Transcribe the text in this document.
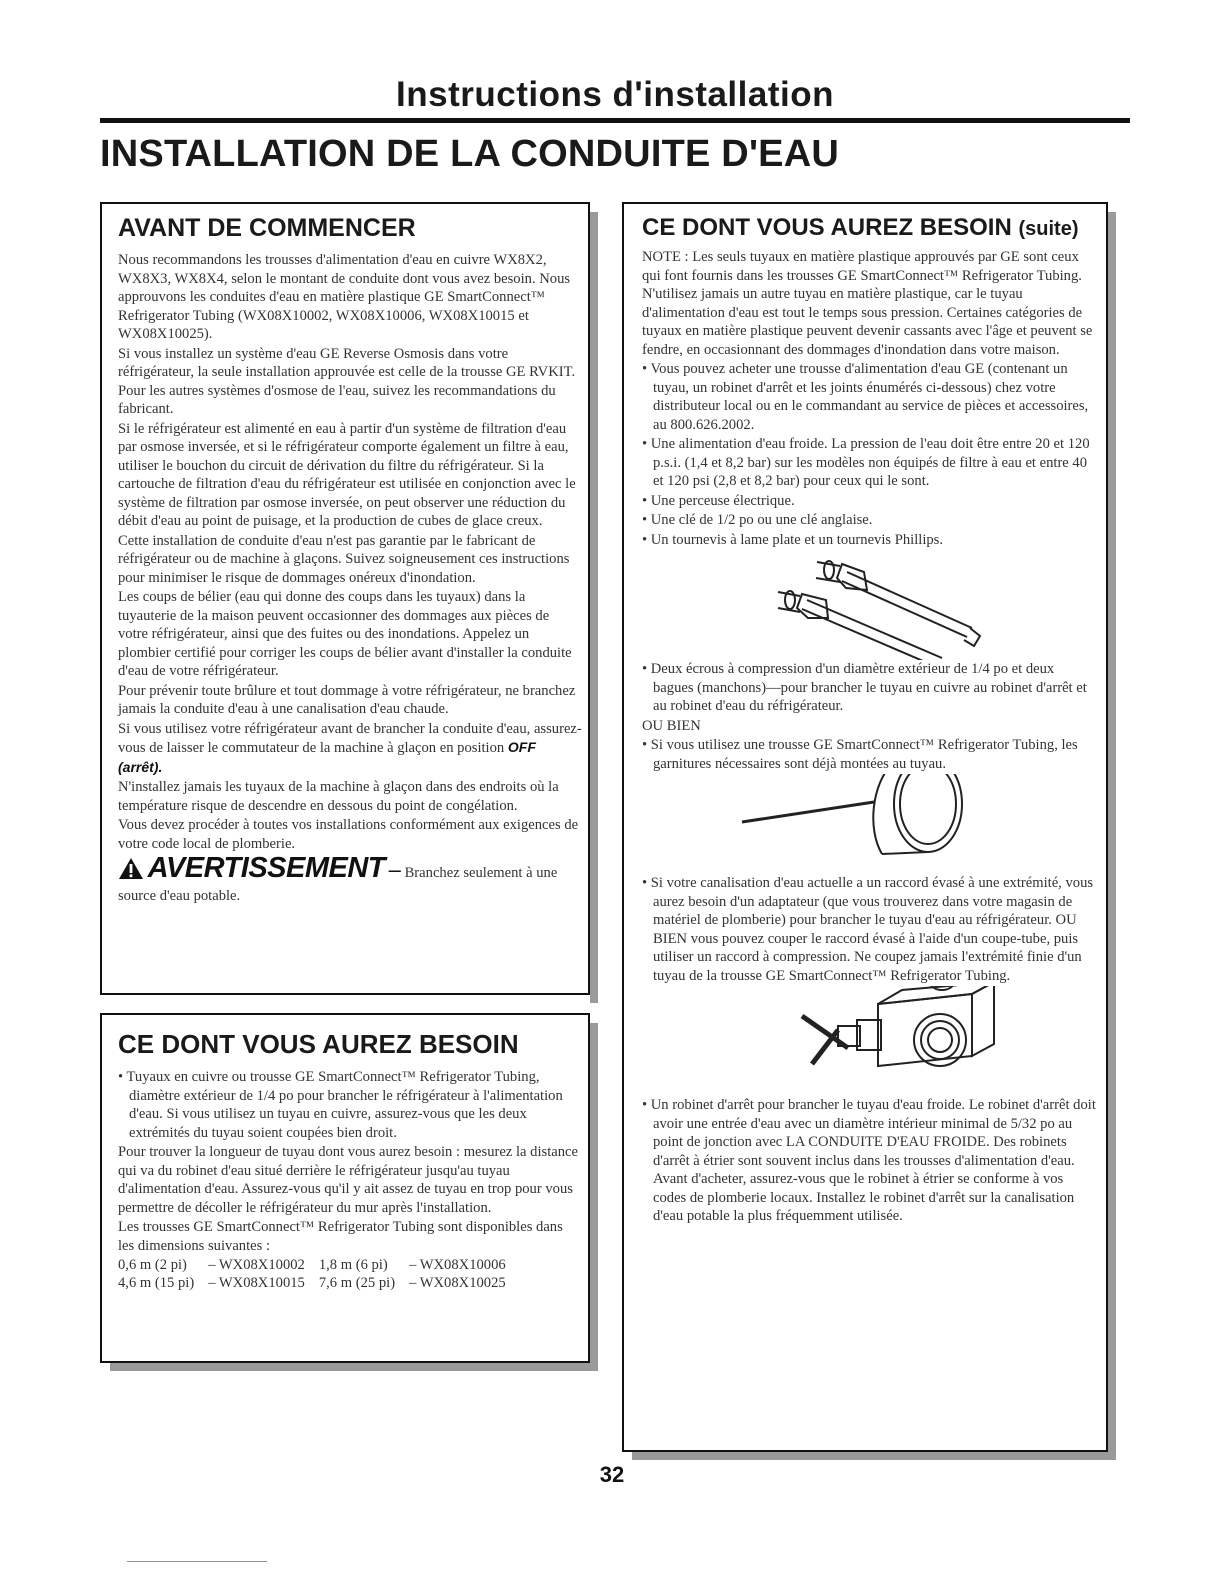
Instructions d'installation
INSTALLATION DE LA CONDUITE D'EAU
AVANT DE COMMENCER

Nous recommandons les trousses d'alimentation d'eau en cuivre WX8X2, WX8X3, WX8X4, selon le montant de conduite dont vous avez besoin. Nous approuvons les conduites d'eau en matière plastique GE SmartConnect™ Refrigerator Tubing (WX08X10002, WX08X10006, WX08X10015 et WX08X10025).

Si vous installez un système d'eau GE Reverse Osmosis dans votre réfrigérateur, la seule installation approuvée est celle de la trousse GE RVKIT. Pour les autres systèmes d'osmose de l'eau, suivez les recommandations du fabricant.

Si le réfrigérateur est alimenté en eau à partir d'un système de filtration d'eau par osmose inversée, et si le réfrigérateur comporte également un filtre à eau, utiliser le bouchon du circuit de dérivation du filtre du réfrigérateur. Si la cartouche de filtration d'eau du réfrigérateur est utilisée en conjonction avec le système de filtration par osmose inversée, on peut observer une réduction du débit d'eau au point de puisage, et la production de cubes de glace creux.

Cette installation de conduite d'eau n'est pas garantie par le fabricant de réfrigérateur ou de machine à glaçons. Suivez soigneusement ces instructions pour minimiser le risque de dommages onéreux d'inondation.

Les coups de bélier (eau qui donne des coups dans les tuyaux) dans la tuyauterie de la maison peuvent occasionner des dommages aux pièces de votre réfrigérateur, ainsi que des fuites ou des inondations. Appelez un plombier certifié pour corriger les coups de bélier avant d'installer la conduite d'eau de votre réfrigérateur.

Pour prévenir toute brûlure et tout dommage à votre réfrigérateur, ne branchez jamais la conduite d'eau à une canalisation d'eau chaude.

Si vous utilisez votre réfrigérateur avant de brancher la conduite d'eau, assurez-vous de laisser le commutateur de la machine à glaçon en position OFF (arrêt).

N'installez jamais les tuyaux de la machine à glaçon dans des endroits où la température risque de descendre en dessous du point de congélation.

Vous devez procéder à toutes vos installations conformément aux exigences de votre code local de plomberie.

AVERTISSEMENT – Branchez seulement à une source d'eau potable.
CE DONT VOUS AUREZ BESOIN

• Tuyaux en cuivre ou trousse GE SmartConnect™ Refrigerator Tubing, diamètre extérieur de 1/4 po pour brancher le réfrigérateur à l'alimentation d'eau. Si vous utilisez un tuyau en cuivre, assurez-vous que les deux extrémités du tuyau soient coupées bien droit.

Pour trouver la longueur de tuyau dont vous aurez besoin : mesurez la distance qui va du robinet d'eau situé derrière le réfrigérateur jusqu'au tuyau d'alimentation d'eau. Assurez-vous qu'il y ait assez de tuyau en trop pour vous permettre de décoller le réfrigérateur du mur après l'installation.

Les trousses GE SmartConnect™ Refrigerator Tubing sont disponibles dans les dimensions suivantes :

0,6 m (2 pi)	– WX08X10002	1,8 m (6 pi)	– WX08X10006
4,6 m (15 pi)	– WX08X10015	7,6 m (25 pi)	– WX08X10025
CE DONT VOUS AUREZ BESOIN (suite)

NOTE : Les seuls tuyaux en matière plastique approuvés par GE sont ceux qui font fournis dans les trousses GE SmartConnect™ Refrigerator Tubing. N'utilisez jamais un autre tuyau en matière plastique, car le tuyau d'alimentation d'eau est tout le temps sous pression. Certaines catégories de tuyaux en matière plastique peuvent devenir cassants avec l'âge et peuvent se fendre, en occasionnant des dommages d'inondation dans votre maison.

• Vous pouvez acheter une trousse d'alimentation d'eau GE (contenant un tuyau, un robinet d'arrêt et les joints énumérés ci-dessous) chez votre distributeur local ou en le commandant au service de pièces et accessoires, au 800.626.2002.

• Une alimentation d'eau froide. La pression de l'eau doit être entre 20 et 120 p.s.i. (1,4 et 8,2 bar) sur les modèles non équipés de filtre à eau et entre 40 et 120 psi (2,8 et 8,2 bar) pour ceux qui le sont.

• Une perceuse électrique.

• Une clé de 1/2 po ou une clé anglaise.

• Un tournevis à lame plate et un tournevis Phillips.

• Deux écrous à compression d'un diamètre extérieur de 1/4 po et deux bagues (manchons)—pour brancher le tuyau en cuivre au robinet d'arrêt et au robinet d'eau du réfrigérateur.

OU BIEN

• Si vous utilisez une trousse GE SmartConnect™ Refrigerator Tubing, les garnitures nécessaires sont déjà montées au tuyau.

• Si votre canalisation d'eau actuelle a un raccord évasé à une extrémité, vous aurez besoin d'un adaptateur (que vous trouverez dans votre magasin de matériel de plomberie) pour brancher le tuyau d'eau au réfrigérateur. OU BIEN vous pouvez couper le raccord évasé à l'aide d'un coupe-tube, puis utiliser un raccord à compression. Ne coupez jamais l'extrémité finie d'un tuyau de la trousse GE SmartConnect™ Refrigerator Tubing.

• Un robinet d'arrêt pour brancher le tuyau d'eau froide. Le robinet d'arrêt doit avoir une entrée d'eau avec un diamètre intérieur minimal de 5/32 po au point de jonction avec LA CONDUITE D'EAU FROIDE. Des robinets d'arrêt à étrier sont souvent inclus dans les trousses d'alimentation d'eau. Avant d'acheter, assurez-vous que le robinet à étrier se conforme à vos codes de plomberie locaux. Installez le robinet d'arrêt sur la canalisation d'eau potable la plus fréquemment utilisée.

32
